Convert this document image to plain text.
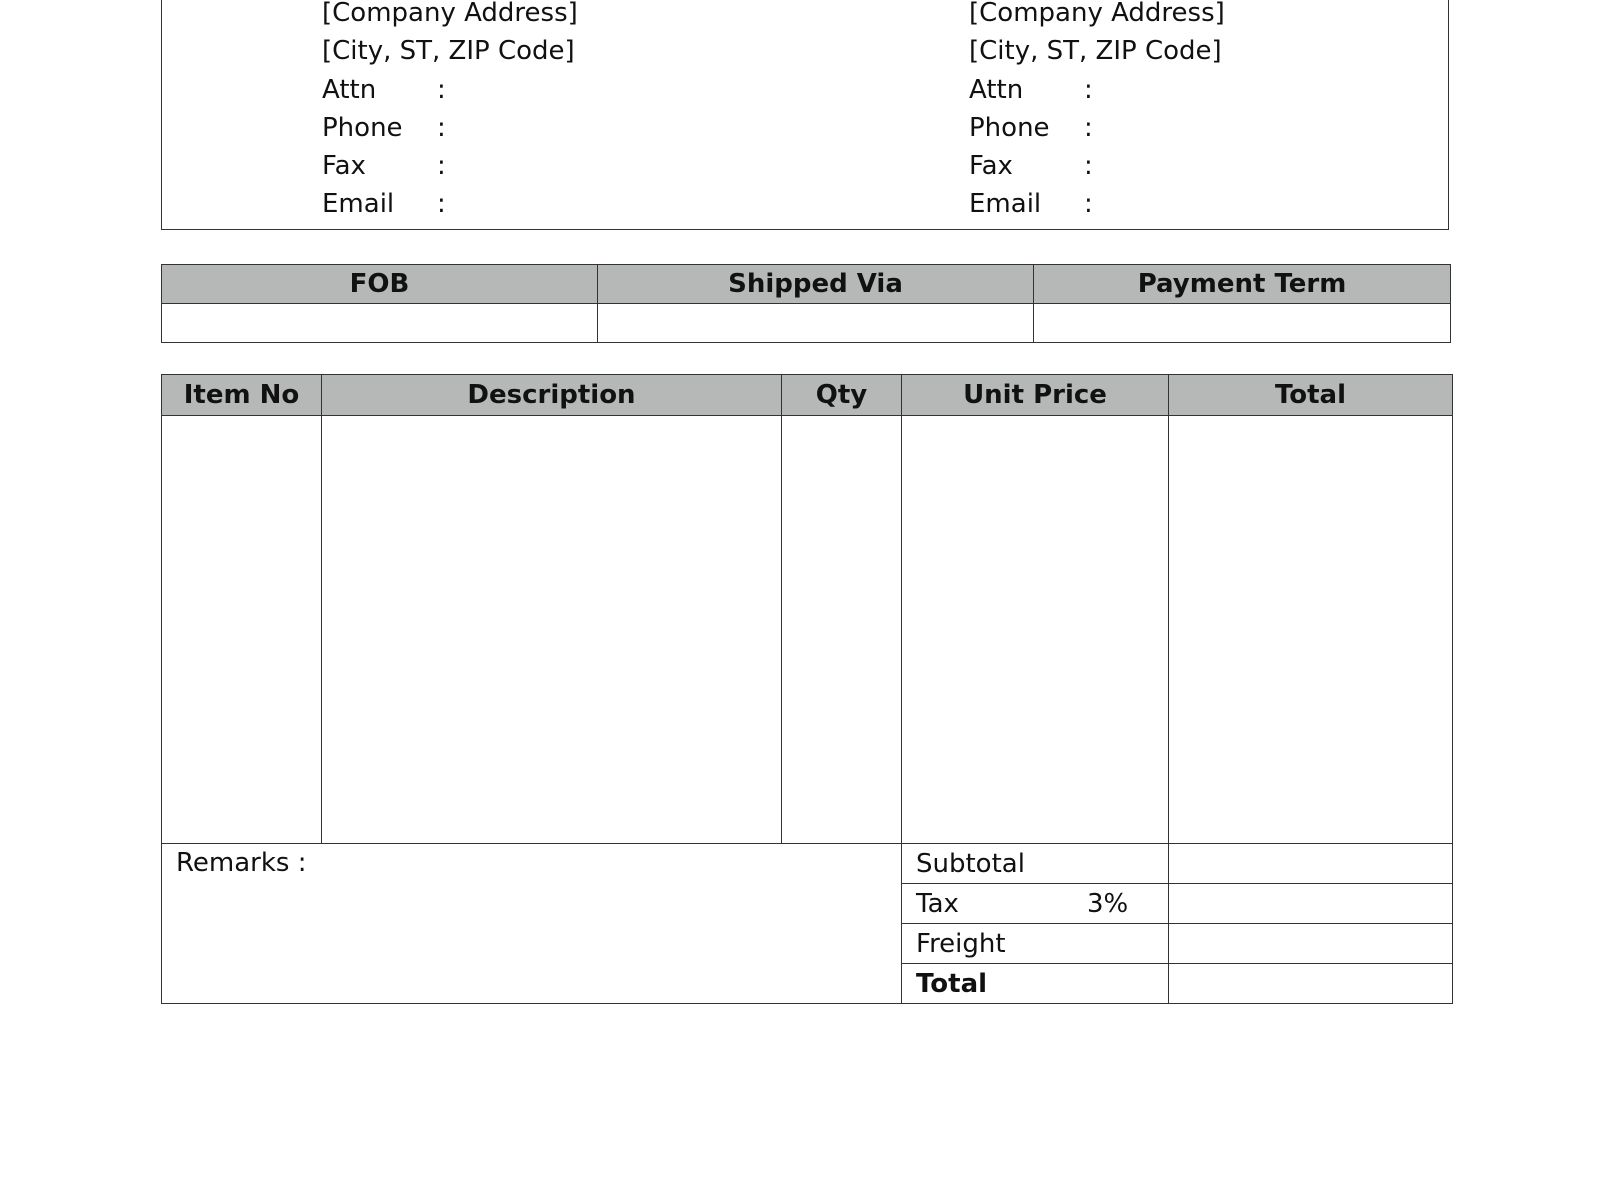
[Company Address]
[City, ST, ZIP Code]
Attn :
Phone :
Fax	:
Email :
[Company Address]
[City, ST, ZIP Code]
Attn :
Phone :
Fax	:
Email :
FOB	Shipped Via	Payment Term

Item No	Description	Qty	Unit Price	Total

Remarks :			Subtotal	
			Tax 3%	

			Freight	
			Total	
